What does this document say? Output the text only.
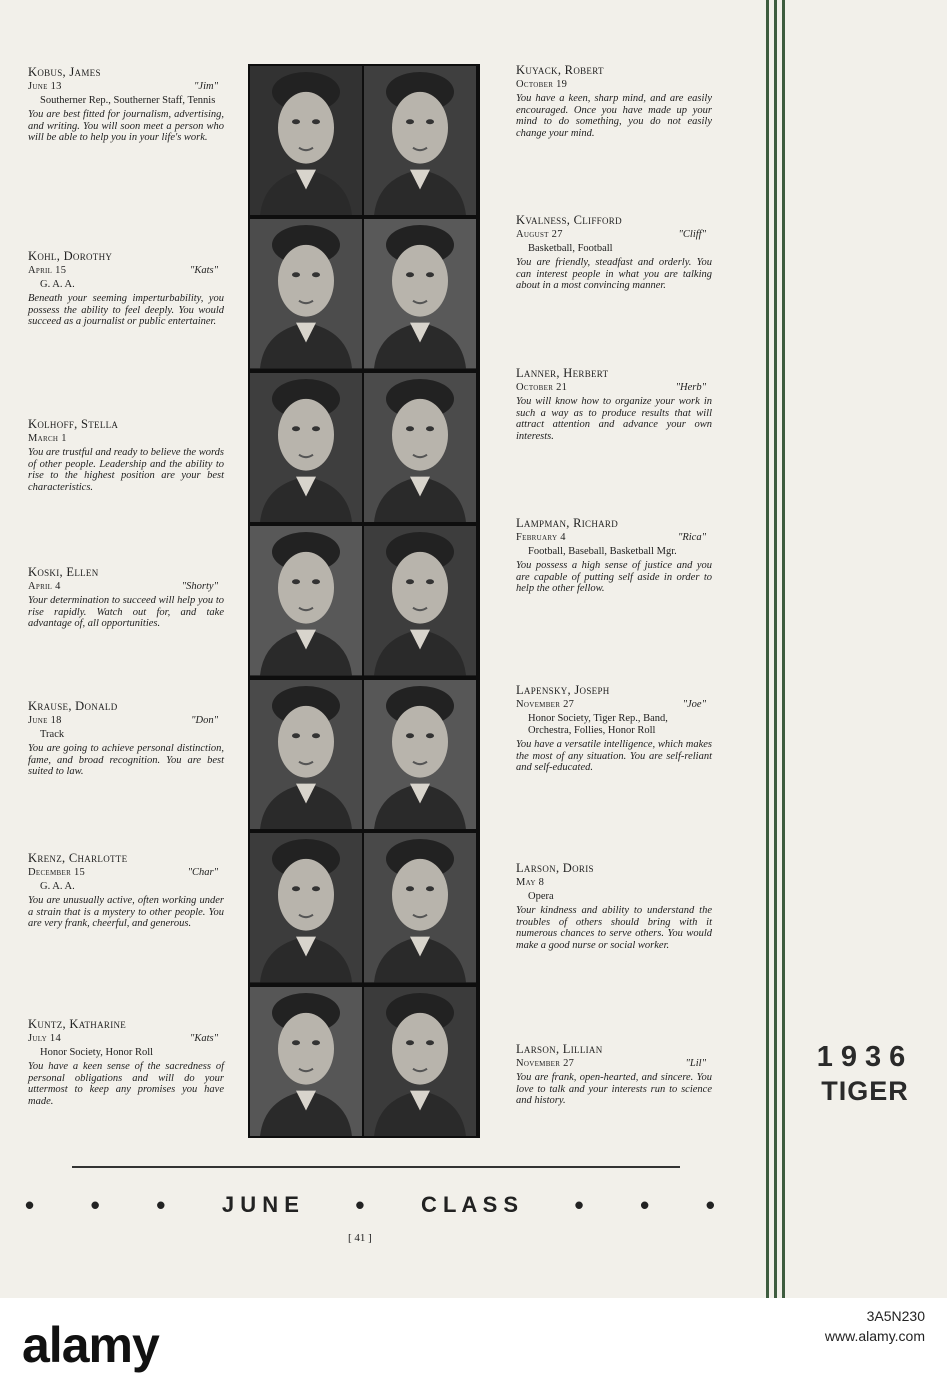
Kobus, James
June 13	"Jim"
Southerner Rep., Southerner Staff, Tennis
You are best fitted for journalism, advertising, and writing. You will soon meet a person who will be able to help you in your life's work.
Kohl, Dorothy
April 15	"Kats"
G. A. A.
Beneath your seeming imperturbability, you possess the ability to feel deeply. You would succeed as a journalist or public entertainer.
Kolhoff, Stella
March 1
You are trustful and ready to believe the words of other people. Leadership and the ability to rise to the highest position are your best characteristics.
Koski, Ellen
April 4	"Shorty"
Your determination to succeed will help you to rise rapidly. Watch out for, and take advantage of, all opportunities.
Krause, Donald
June 18	"Don"
Track
You are going to achieve personal distinction, fame, and broad recognition. You are best suited to law.
Krenz, Charlotte
December 15	"Char"
G. A. A.
You are unusually active, often working under a strain that is a mystery to other people. You are very frank, cheerful, and generous.
Kuntz, Katharine
July 14	"Kats"
Honor Society, Honor Roll
You have a keen sense of the sacredness of personal obligations and will do your uttermost to keep any promises you have made.
Kuyack, Robert
October 19
You have a keen, sharp mind, and are easily encouraged. Once you have made up your mind to do something, you do not easily change your mind.
Kvalness, Clifford
August 27	"Cliff"
Basketball, Football
You are friendly, steadfast and orderly. You can interest people in what you are talking about in a most convincing manner.
Lanner, Herbert
October 21	"Herb"
You will know how to organize your work in such a way as to produce results that will attract attention and advance your own interests.
Lampman, Richard
February 4	"Rica"
Football, Baseball, Basketball Mgr.
You possess a high sense of justice and you are capable of putting self aside in order to help the other fellow.
Lapensky, Joseph
November 27	"Joe"
Honor Society, Tiger Rep., Band, Orchestra, Follies, Honor Roll
You have a versatile intelligence, which makes the most of any situation. You are self-reliant and self-educated.
Larson, Doris
May 8
Opera
Your kindness and ability to understand the troubles of others should bring with it numerous chances to serve others. You would make a good nurse or social worker.
Larson, Lillian
November 27	"Lil"
You are frank, open-hearted, and sincere. You love to talk and your interests run to science and history.
• • •	J U N E •	C L A S S • • •
[ 41 ]
1936
TIGER
alamy
3A5N230
www.alamy.com
